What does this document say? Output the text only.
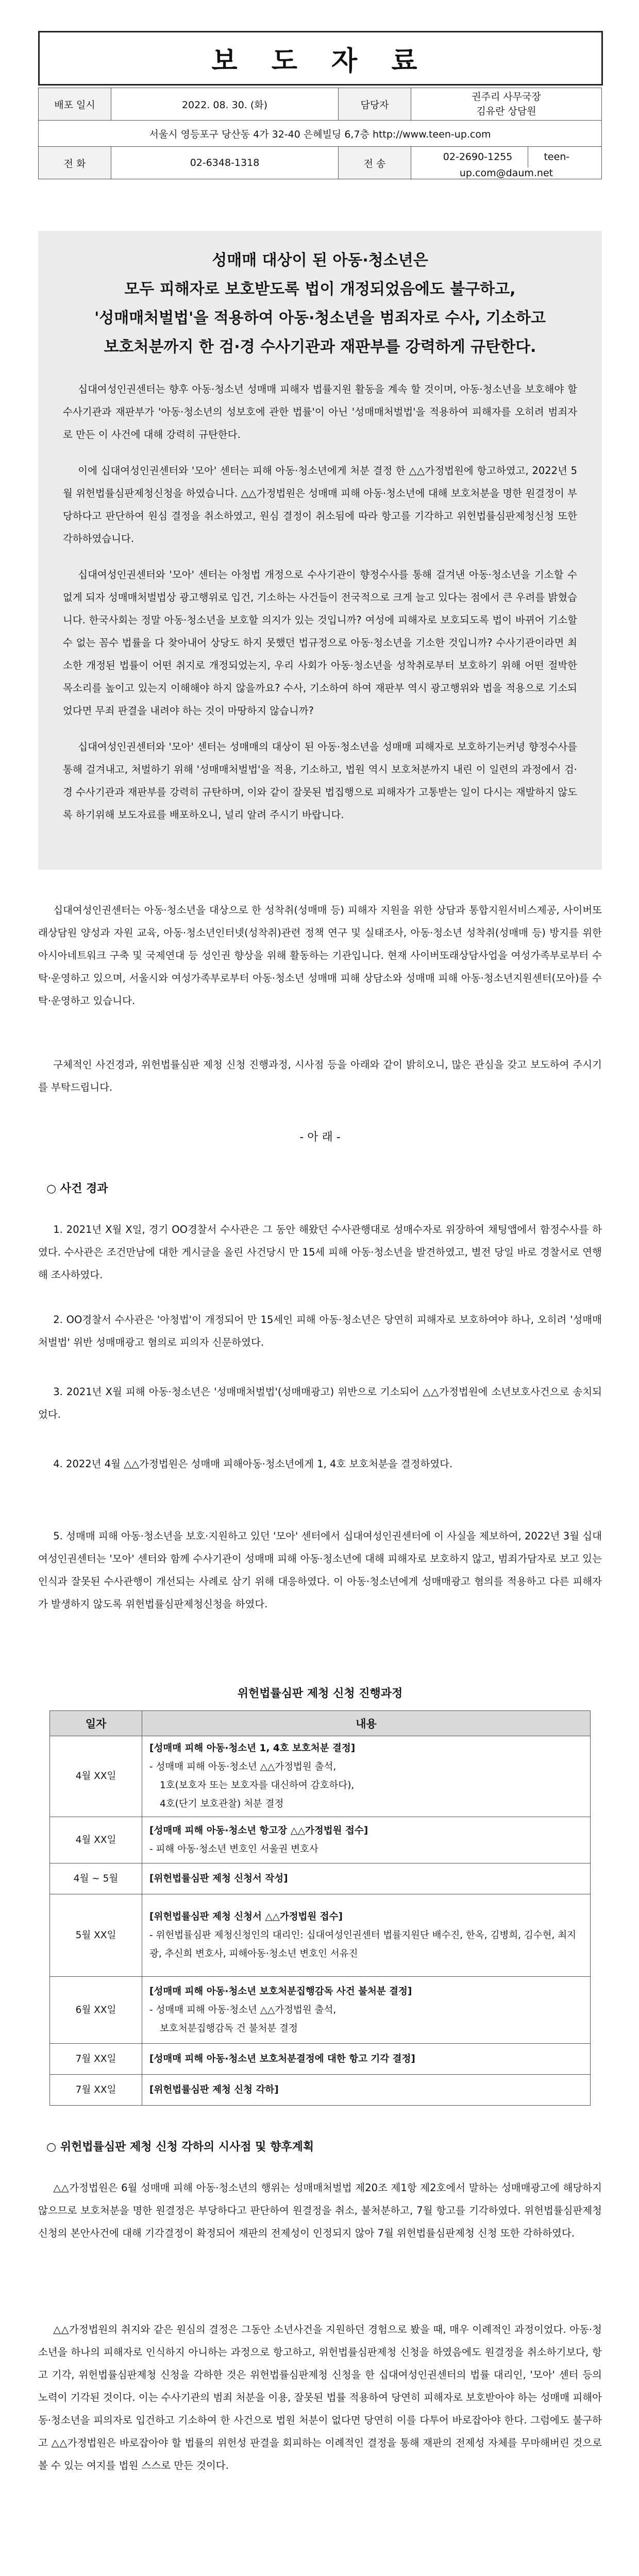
보 도 자 료
배포 일시	2022. 08. 30. (화)	담당자	권주리 사무국장
김유란 상담원

서울시 영등포구 당산동 4가 32-40 은혜빌딩 6,7층 http://www.teen-up.com			
전 화	02-6348-1318	전 송	02-2690-1255 teen-up.com@daum.net
성매매 대상이 된 아동·청소년은
모두 피해자로 보호받도록 법이 개정되었음에도 불구하고,
'성매매처벌법'을 적용하여 아동·청소년을 범죄자로 수사, 기소하고
보호처분까지 한 검·경 수사기관과 재판부를 강력하게 규탄한다.

십대여성인권센터는 향후 아동·청소년 성매매 피해자 법률지원 활동을 계속 할 것이며, 아동·청소년을 보호해야 할 수사기관과 재판부가 '아동·청소년의 성보호에 관한 법률'이 아닌 '성매매처벌법'을 적용하여 피해자를 오히려 범죄자로 만든 이 사건에 대해 강력히 규탄한다.

이에 십대여성인권센터와 '모아' 센터는 피해 아동·청소년에게 처분 결정 한 △△가정법원에 항고하였고, 2022년 5월 위헌법률심판제청신청을 하였습니다. △△가정법원은 성매매 피해 아동·청소년에 대해 보호처분을 명한 원결정이 부당하다고 판단하여 원심 결정을 취소하였고, 원심 결정이 취소됨에 따라 항고를 기각하고 위헌법률심판제청신청 또한 각하하였습니다.

십대여성인권센터와 '모아' 센터는 아청법 개정으로 수사기관이 향정수사를 통해 걸겨낸 아동·청소년을 기소할 수 없게 되자 성매매처벌법상 광고행위로 입건, 기소하는 사건들이 전국적으로 크게 늘고 있다는 점에서 큰 우려를 밝혔습니다. 한국사회는 정말 아동·청소년을 보호할 의지가 있는 것입니까? 여성에 피해자로 보호되도록 법이 바뀌어 기소할 수 없는 꼼수 법률을 다 찾아내어 상당도 하지 못했던 법규정으로 아동·청소년을 기소한 것입니까? 수사기관이라면 최소한 개정된 법률이 어떤 취지로 개정되었는지, 우리 사회가 아동·청소년을 성착취로부터 보호하기 위해 어떤 절박한 목소리를 높이고 있는지 이해해야 하지 않을까요? 수사, 기소하여 하여 재판부 역시 광고행위와 법을 적용으로 기소되었다면 무죄 판결을 내려야 하는 것이 마땅하지 않습니까?

십대여성인권센터와 '모아' 센터는 성매매의 대상이 된 아동·청소년을 성매매 피해자로 보호하기는커녕 향정수사를 통해 걸겨내고, 처벌하기 위해 '성매매처벌법'을 적용, 기소하고, 법원 역시 보호처분까지 내린 이 일련의 과정에서 검·경 수사기관과 재판부를 강력히 규탄하며, 이와 같이 잘못된 법집행으로 피해자가 고통받는 일이 다시는 재발하지 않도록 하기위해 보도자료를 배포하오니, 널리 알려 주시기 바랍니다.

십대여성인권센터는 아동·청소년을 대상으로 한 성착취(성매매 등) 피해자 지원을 위한 상담과 통합지원서비스제공, 사이버또래상담원 양성과 자원 교육, 아동·청소년인터넷(성착취)관련 정책 연구 및 실태조사, 아동·청소년 성착취(성매매 등) 방지를 위한 아시아네트워크 구축 및 국제연대 등 성인권 향상을 위해 활동하는 기관입니다. 현재 사이버또래상담사업을 여성가족부로부터 수탁·운영하고 있으며, 서울시와 여성가족부로부터 아동·청소년 성매매 피해 상담소와 성매매 피해 아동·청소년지원센터(모아)를 수탁·운영하고 있습니다.

구체적인 사건경과, 위헌법률심판 제청 신청 진행과정, 시사점 등을 아래와 같이 밝히오니, 많은 관심을 갖고 보도하여 주시기를 부탁드립니다.

- 아 래 -
○ 사건 경과

1. 2021년 X월 X일, 경기 OO경찰서 수사관은 그 동안 해왔던 수사관행대로 성매수자로 위장하여 채팅앱에서 함정수사를 하였다. 수사관은 조건만남에 대한 게시글을 올린 사건당시 만 15세 피해 아동·청소년을 발견하였고, 별전 당일 바로 경찰서로 연행해 조사하였다.

2. OO경찰서 수사관은 '아청법'이 개정되어 만 15세인 피해 아동·청소년은 당연히 피해자로 보호하여야 하나, 오히려 '성매매처벌법' 위반 성매매광고 혐의로 피의자 신문하였다.

3. 2021년 X월 피해 아동·청소년은 '성매매처벌법'(성매매광고) 위반으로 기소되어 △△가정법원에 소년보호사건으로 송치되었다.

4. 2022년 4월 △△가정법원은 성매매 피해아동·청소년에게 1, 4호 보호처분을 결정하였다.

5. 성매매 피해 아동·청소년을 보호·지원하고 있던 '모아' 센터에서 십대여성인권센터에 이 사실을 제보하여, 2022년 3월 십대여성인권센터는 '모아' 센터와 함께 수사기관이 성매매 피해 아동·청소년에 대해 피해자로 보호하지 않고, 범죄가담자로 보고 있는 인식과 잘못된 수사관행이 개선되는 사례로 삼기 위해 대응하였다. 이 아동·청소년에게 성매매광고 혐의를 적용하고 다른 피해자가 발생하지 않도록 위헌법률심판제청신청을 하였다.

위헌법률심판 제청 신청 진행과정
일자	내용
4월 XX일	[성매매 피해 아동·청소년 1, 4호 보호처분 결정]
- 성매매 피해 아동·청소년 △△가정법원 출석,
1호(보호자 또는 보호자를 대신하여 감호하다),
4호(단기 보호관찰) 처분 결정

4월 XX일	[성매매 피해 아동·청소년 항고장 △△가정법원 접수]
- 피해 아동·청소년 변호인 서울권 변호사

4월 ~ 5월	[위헌법률심판 제청 신청서 작성]

5월 XX일	[위헌법률심판 제청 신청서 △△가정법원 접수]
- 위헌법률심판 제청신청인의 대리인: 십대여성인권센터 법률지원단 배수진, 한옥, 김병희, 김수현, 최지광, 추신희 변호사, 피해아동·청소년 변호인 서유진

6월 XX일	[성매매 피해 아동·청소년 보호처분집행감독 사건 불처분 결정]
- 성매매 피해 아동·청소년 △△가정법원 출석,
보호처분집행감독 건 불처분 결정

7월 XX일	[성매매 피해 아동·청소년 보호처분결정에 대한 항고 기각 결정]

7월 XX일	[위헌법률심판 제청 신청 각하]
○ 위헌법률심판 제청 신청 각하의 시사점 및 향후계획

△△가정법원은 6월 성매매 피해 아동·청소년의 행위는 성매매처벌법 제20조 제1항 제2호에서 말하는 성매매광고에 해당하지 않으므로 보호처분을 명한 원결정은 부당하다고 판단하여 원결정을 취소, 불처분하고, 7월 항고를 기각하였다. 위헌법률심판제청 신청의 본안사건에 대해 기각결정이 확정되어 재판의 전제성이 인정되지 않아 7월 위헌법률심판제청 신청 또한 각하하였다.

△△가정법원의 취지와 같은 원심의 결정은 그동안 소년사건을 지원하던 경험으로 봤을 때, 매우 이례적인 과정이었다. 아동·청소년을 하나의 피해자로 인식하지 아니하는 과정으로 항고하고, 위헌법률심판제청 신청을 하였음에도 원결정을 취소하기보다, 항고 기각, 위헌법률심판제청 신청을 각하한 것은 위헌법률심판제청 신청을 한 십대여성인권센터의 법률 대리인, '모아' 센터 등의 노력이 기각된 것이다. 이는 수사기관의 범죄 처분을 이용, 잘못된 법률 적용하여 당연히 피해자로 보호받아야 하는 성매매 피해아동·청소년을 피의자로 입건하고 기소하여 한 사건으로 법원 처분이 없다면 당연히 이를 다투어 바로잡아야 한다. 그럼에도 불구하고 △△가정법원은 바로잡아야 할 법률의 위헌성 판결을 회피하는 이례적인 결정을 통해 재판의 전제성 자체를 무마해버린 것으로 볼 수 있는 여지를 법원 스스로 만든 것이다.
